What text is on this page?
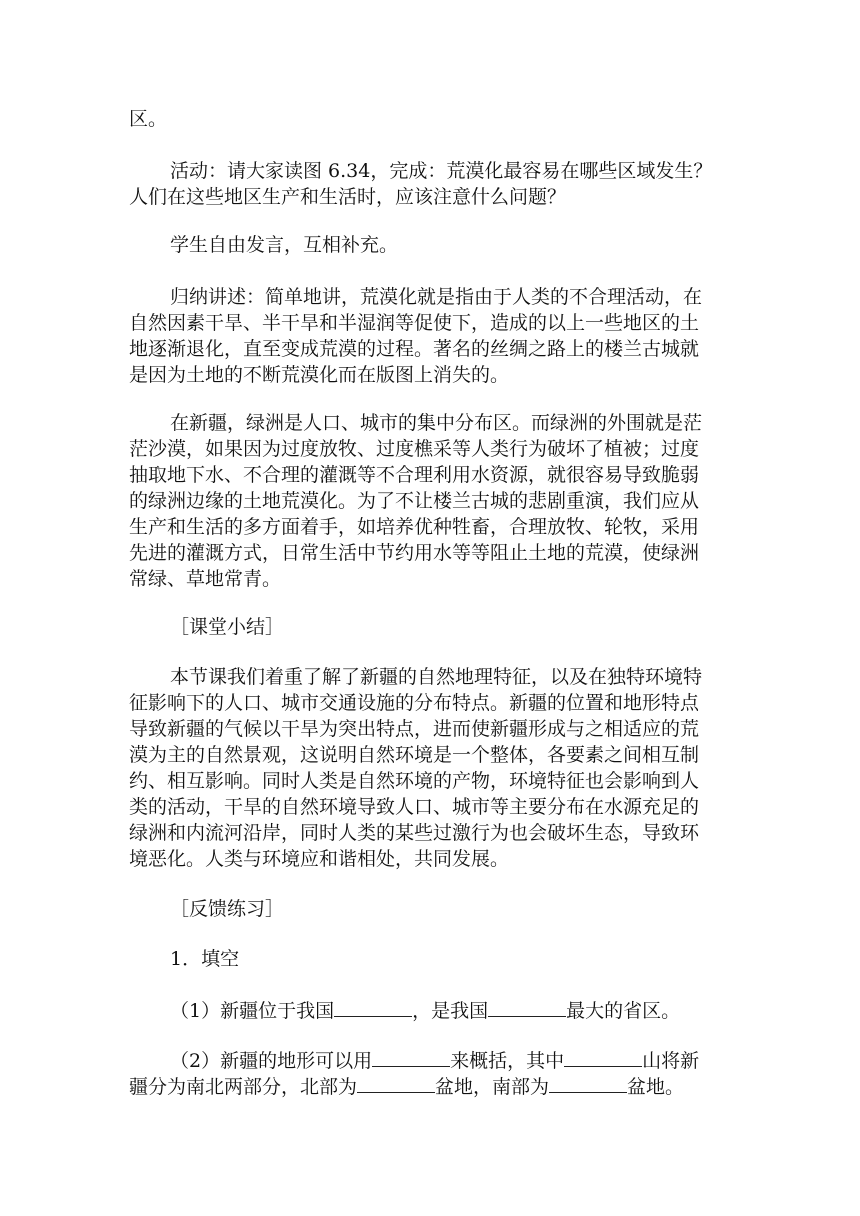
区。
活动：请大家读图 6.34，完成：荒漠化最容易在哪些区域发生？
人们在这些地区生产和生活时，应该注意什么问题？
学生自由发言，互相补充。
归纳讲述：简单地讲，荒漠化就是指由于人类的不合理活动，在
自然因素干旱、半干旱和半湿润等促使下，造成的以上一些地区的土
地逐渐退化，直至变成荒漠的过程。著名的丝绸之路上的楼兰古城就
是因为土地的不断荒漠化而在版图上消失的。
在新疆，绿洲是人口、城市的集中分布区。而绿洲的外围就是茫
茫沙漠，如果因为过度放牧、过度樵采等人类行为破坏了植被；过度
抽取地下水、不合理的灌溉等不合理利用水资源，就很容易导致脆弱
的绿洲边缘的土地荒漠化。为了不让楼兰古城的悲剧重演，我们应从
生产和生活的多方面着手，如培养优种牲畜，合理放牧、轮牧，采用
先进的灌溉方式，日常生活中节约用水等等阻止土地的荒漠，使绿洲
常绿、草地常青。
［课堂小结］
本节课我们着重了解了新疆的自然地理特征，以及在独特环境特
征影响下的人口、城市交通设施的分布特点。新疆的位置和地形特点
导致新疆的气候以干旱为突出特点，进而使新疆形成与之相适应的荒
漠为主的自然景观，这说明自然环境是一个整体，各要素之间相互制
约、相互影响。同时人类是自然环境的产物，环境特征也会影响到人
类的活动，干旱的自然环境导致人口、城市等主要分布在水源充足的
绿洲和内流河沿岸，同时人类的某些过激行为也会破坏生态，导致环
境恶化。人类与环境应和谐相处，共同发展。
［反馈练习］
1．填空
（1）新疆位于我国	，是我国	最大的省区。
（2）新疆的地形可以用	来概括，其中	山将新
疆分为南北两部分，北部为	盆地，南部为	盆地。
